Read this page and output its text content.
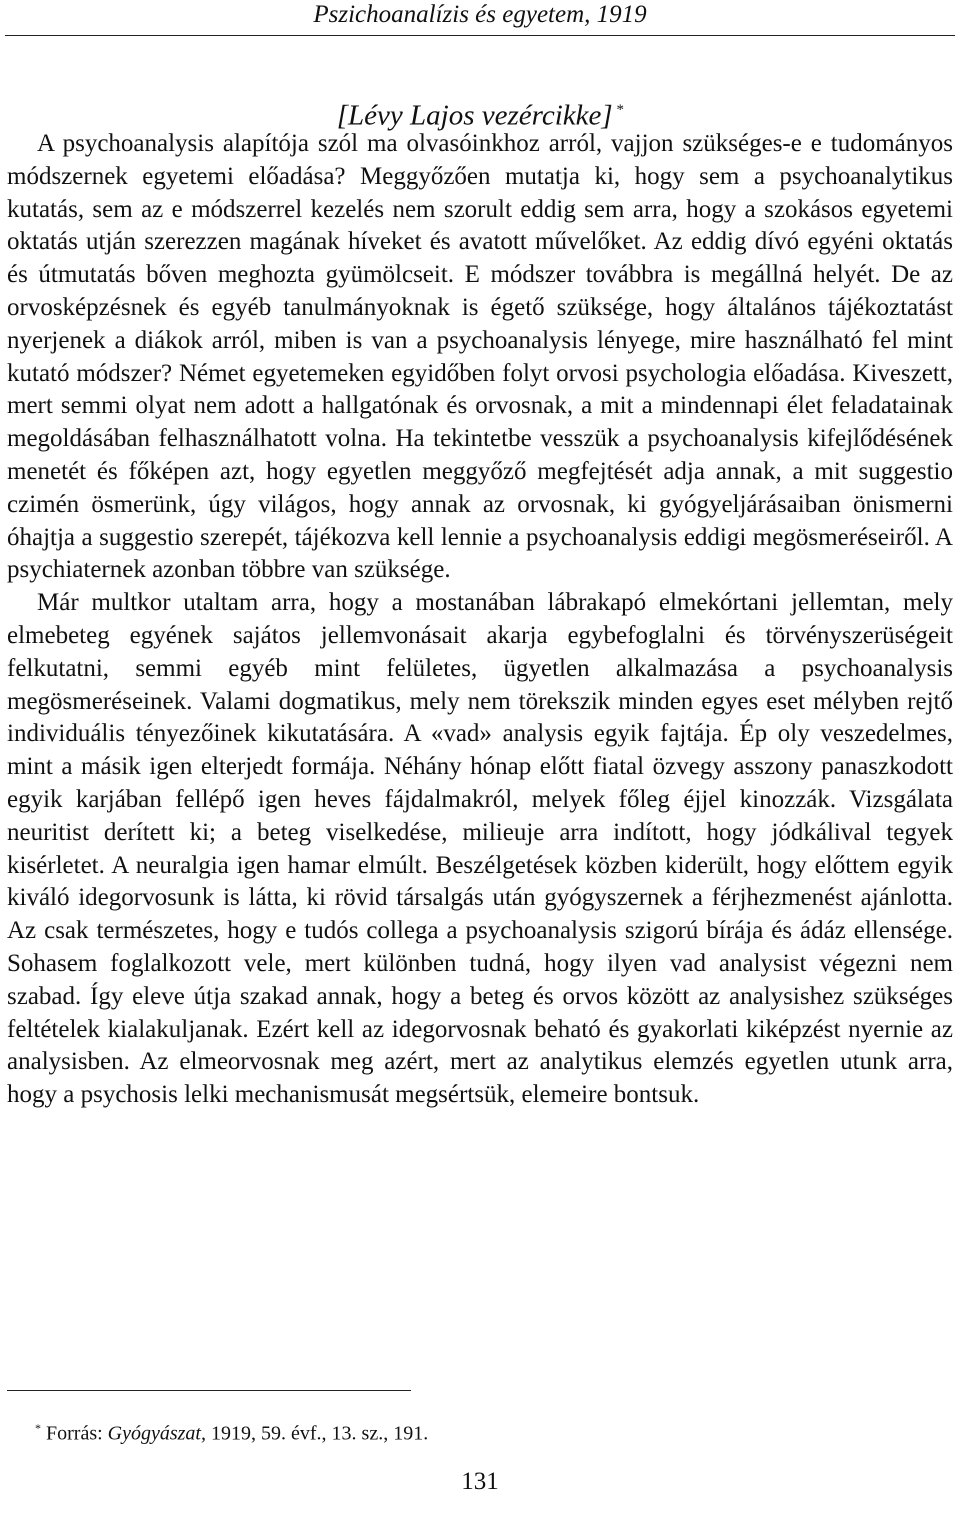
Pszichoanalízis és egyetem, 1919
[Lévy Lajos vezércikke] *

A psychoanalysis alapítója szól ma olvasóinkhoz arról, vajjon szükséges-e e tudományos módszernek egyetemi előadása? Meggyőzően mutatja ki, hogy sem a psychoanalytikus kutatás, sem az e módszerrel kezelés nem szorult eddig sem arra, hogy a szokásos egyetemi oktatás utján szerezzen magának híveket és avatott művelőket. Az eddig dívó egyéni oktatás és útmutatás bőven meghozta gyümölcseit. E módszer továbbra is megállná helyét. De az orvosképzésnek és egyéb tanulmányoknak is égető szüksége, hogy általános tájékoztatást nyerjenek a diákok arról, miben is van a psychoanalysis lényege, mire használható fel mint kutató módszer? Német egyetemeken egyidőben folyt orvosi psychologia előadása. Kiveszett, mert semmi olyat nem adott a hallgatónak és orvosnak, a mit a mindennapi élet feladatainak megoldásában felhasználhatott volna. Ha tekintetbe vesszük a psychoanalysis kifejlődésének menetét és főképen azt, hogy egyetlen meggyőző megfejtését adja annak, a mit suggestio czimén ösmerünk, úgy világos, hogy annak az orvosnak, ki gyógyeljárásaiban önismerni óhajtja a suggestio szerepét, tájékozva kell lennie a psychoanalysis eddigi megösmeréseiről. A psychiaternek azonban többre van szüksége.

Már multkor utaltam arra, hogy a mostanában lábrakapó elmekórtani jellemtan, mely elmebeteg egyének sajátos jellemvonásait akarja egybefoglalni és törvényszerüségeit felkutatni, semmi egyéb mint felületes, ügyetlen alkalmazása a psychoanalysis megösmeréseinek. Valami dogmatikus, mely nem törekszik minden egyes eset mélyben rejtő individuális tényezőinek kikutatására. A «vad» analysis egyik fajtája. Ép oly veszedelmes, mint a másik igen elterjedt formája. Néhány hónap előtt fiatal özvegy asszony panaszkodott egyik karjában fellépő igen heves fájdalmakról, melyek főleg éjjel kinozzák. Vizsgálata neuritist derített ki; a beteg viselkedése, milieuje arra indított, hogy jódkálival tegyek kisérletet. A neuralgia igen hamar elmúlt. Beszélgetések közben kiderült, hogy előttem egyik kiváló idegorvosunk is látta, ki rövid társalgás után gyógyszernek a férjhezmenést ajánlotta. Az csak természetes, hogy e tudós collega a psychoanalysis szigorú bírája és ádáz ellensége. Sohasem foglalkozott vele, mert különben tudná, hogy ilyen vad analysist végezni nem szabad. Így eleve útja szakad annak, hogy a beteg és orvos között az analysishez szükséges feltételek kialakuljanak. Ezért kell az idegorvosnak beható és gyakorlati kiképzést nyernie az analysisben. Az elmeorvosnak meg azért, mert az analytikus elemzés egyetlen utunk arra, hogy a psychosis lelki mechanismusát megsértsük, elemeire bontsuk.

* Forrás: Gyógyászat, 1919, 59. évf., 13. sz., 191.
131
